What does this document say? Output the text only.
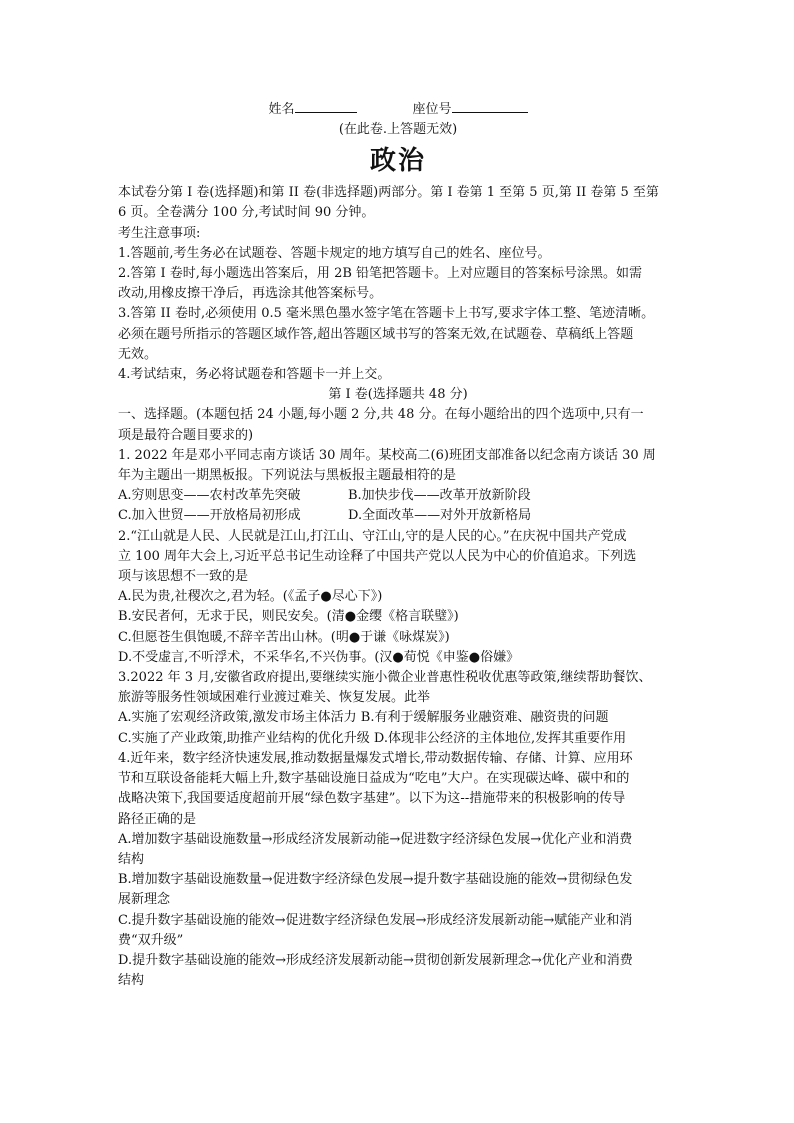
姓名	座位号
(在此卷.上答题无效)
政治
本试卷分第 I 卷(选择题)和第 II 卷(非选择题)两部分。第 I 卷第 1 至第 5 页,第 II 卷第 5 至第
6 页。全卷满分 100 分,考试时间 90 分钟。
考生注意事项:
1.答题前,考生务必在试题卷、答题卡规定的地方填写自己的姓名、座位号。
2.答第 I 卷时,每小题选出答案后，用 2B 铅笔把答题卡。上对应题目的答案标号涂黑。如需
改动,用橡皮擦干净后，再选涂其他答案标号。
3.答第 II 卷时,必须使用 0.5 毫米黑色墨水签字笔在答题卡上书写,要求字体工整、笔迹清晰。
必须在题号所指示的答题区域作答,超出答题区域书写的答案无效,在试题卷、草稿纸上答题
无效。
4.考试结束，务必将试题卷和答题卡一并上交。
第 I 卷(选择题共 48 分)
一、选择题。(本题包括 24 小题,每小题 2 分,共 48 分。在每小题给出的四个选项中,只有一
项是最符合题目要求的)
1. 2022 年是邓小平同志南方谈话 30 周年。某校高二(6)班团支部准备以纪念南方谈话 30 周
年为主题出一期黑板报。下列说法与黑板报主题最相符的是
A.穷则思变——农村改革先突破	B.加快步伐——改革开放新阶段
C.加入世贸——开放格局初形成	D.全面改革——对外开放新格局
2.“江山就是人民、人民就是江山,打江山、守江山,守的是人民的心。”在庆祝中国共产党成
立 100 周年大会上,习近平总书记生动诠释了中国共产党以人民为中心的价值追求。下列选
项与该思想不一致的是
A.民为贵,社稷次之,君为轻。(《孟子●尽心下》)
B.安民者何，无求于民，则民安矣。(清●金缨《格言联璧》)
C.但愿苍生俱饱暖,不辞辛苦出山林。(明●于谦《咏煤炭》)
D.不受虚言,不听浮术，不采华名,不兴伪事。(汉●荀悦《申鉴●俗嫌》
3.2022 年 3 月,安徽省政府提出,要继续实施小微企业普惠性税收优惠等政策,继续帮助餐饮、
旅游等服务性领域困难行业渡过难关、恢复发展。此举
A.实施了宏观经济政策,激发市场主体活力 B.有利于缓解服务业融资难、融资贵的问题
C.实施了产业政策,助推产业结构的优化升级 D.体现非公经济的主体地位,发挥其重要作用
4.近年来，数字经济快速发展,推动数据量爆发式增长,带动数据传输、存储、计算、应用环
节和互联设备能耗大幅上升,数字基础设施日益成为“吃电”大户。在实现碳达峰、碳中和的
战略决策下,我国要适度超前开展“绿色数字基建”。以下为这--措施带来的积极影响的传导
路径正确的是
A.增加数字基础设施数量→形成经济发展新动能→促进数字经济绿色发展→优化产业和消费
结构
B.增加数字基础设施数量→促进数字经济绿色发展→提升数字基础设施的能效→贯彻绿色发
展新理念
C.提升数字基础设施的能效→促进数字经济绿色发展→形成经济发展新动能→赋能产业和消
费“双升级”
D.提升数字基础设施的能效→形成经济发展新动能→贯彻创新发展新理念→优化产业和消费
结构
